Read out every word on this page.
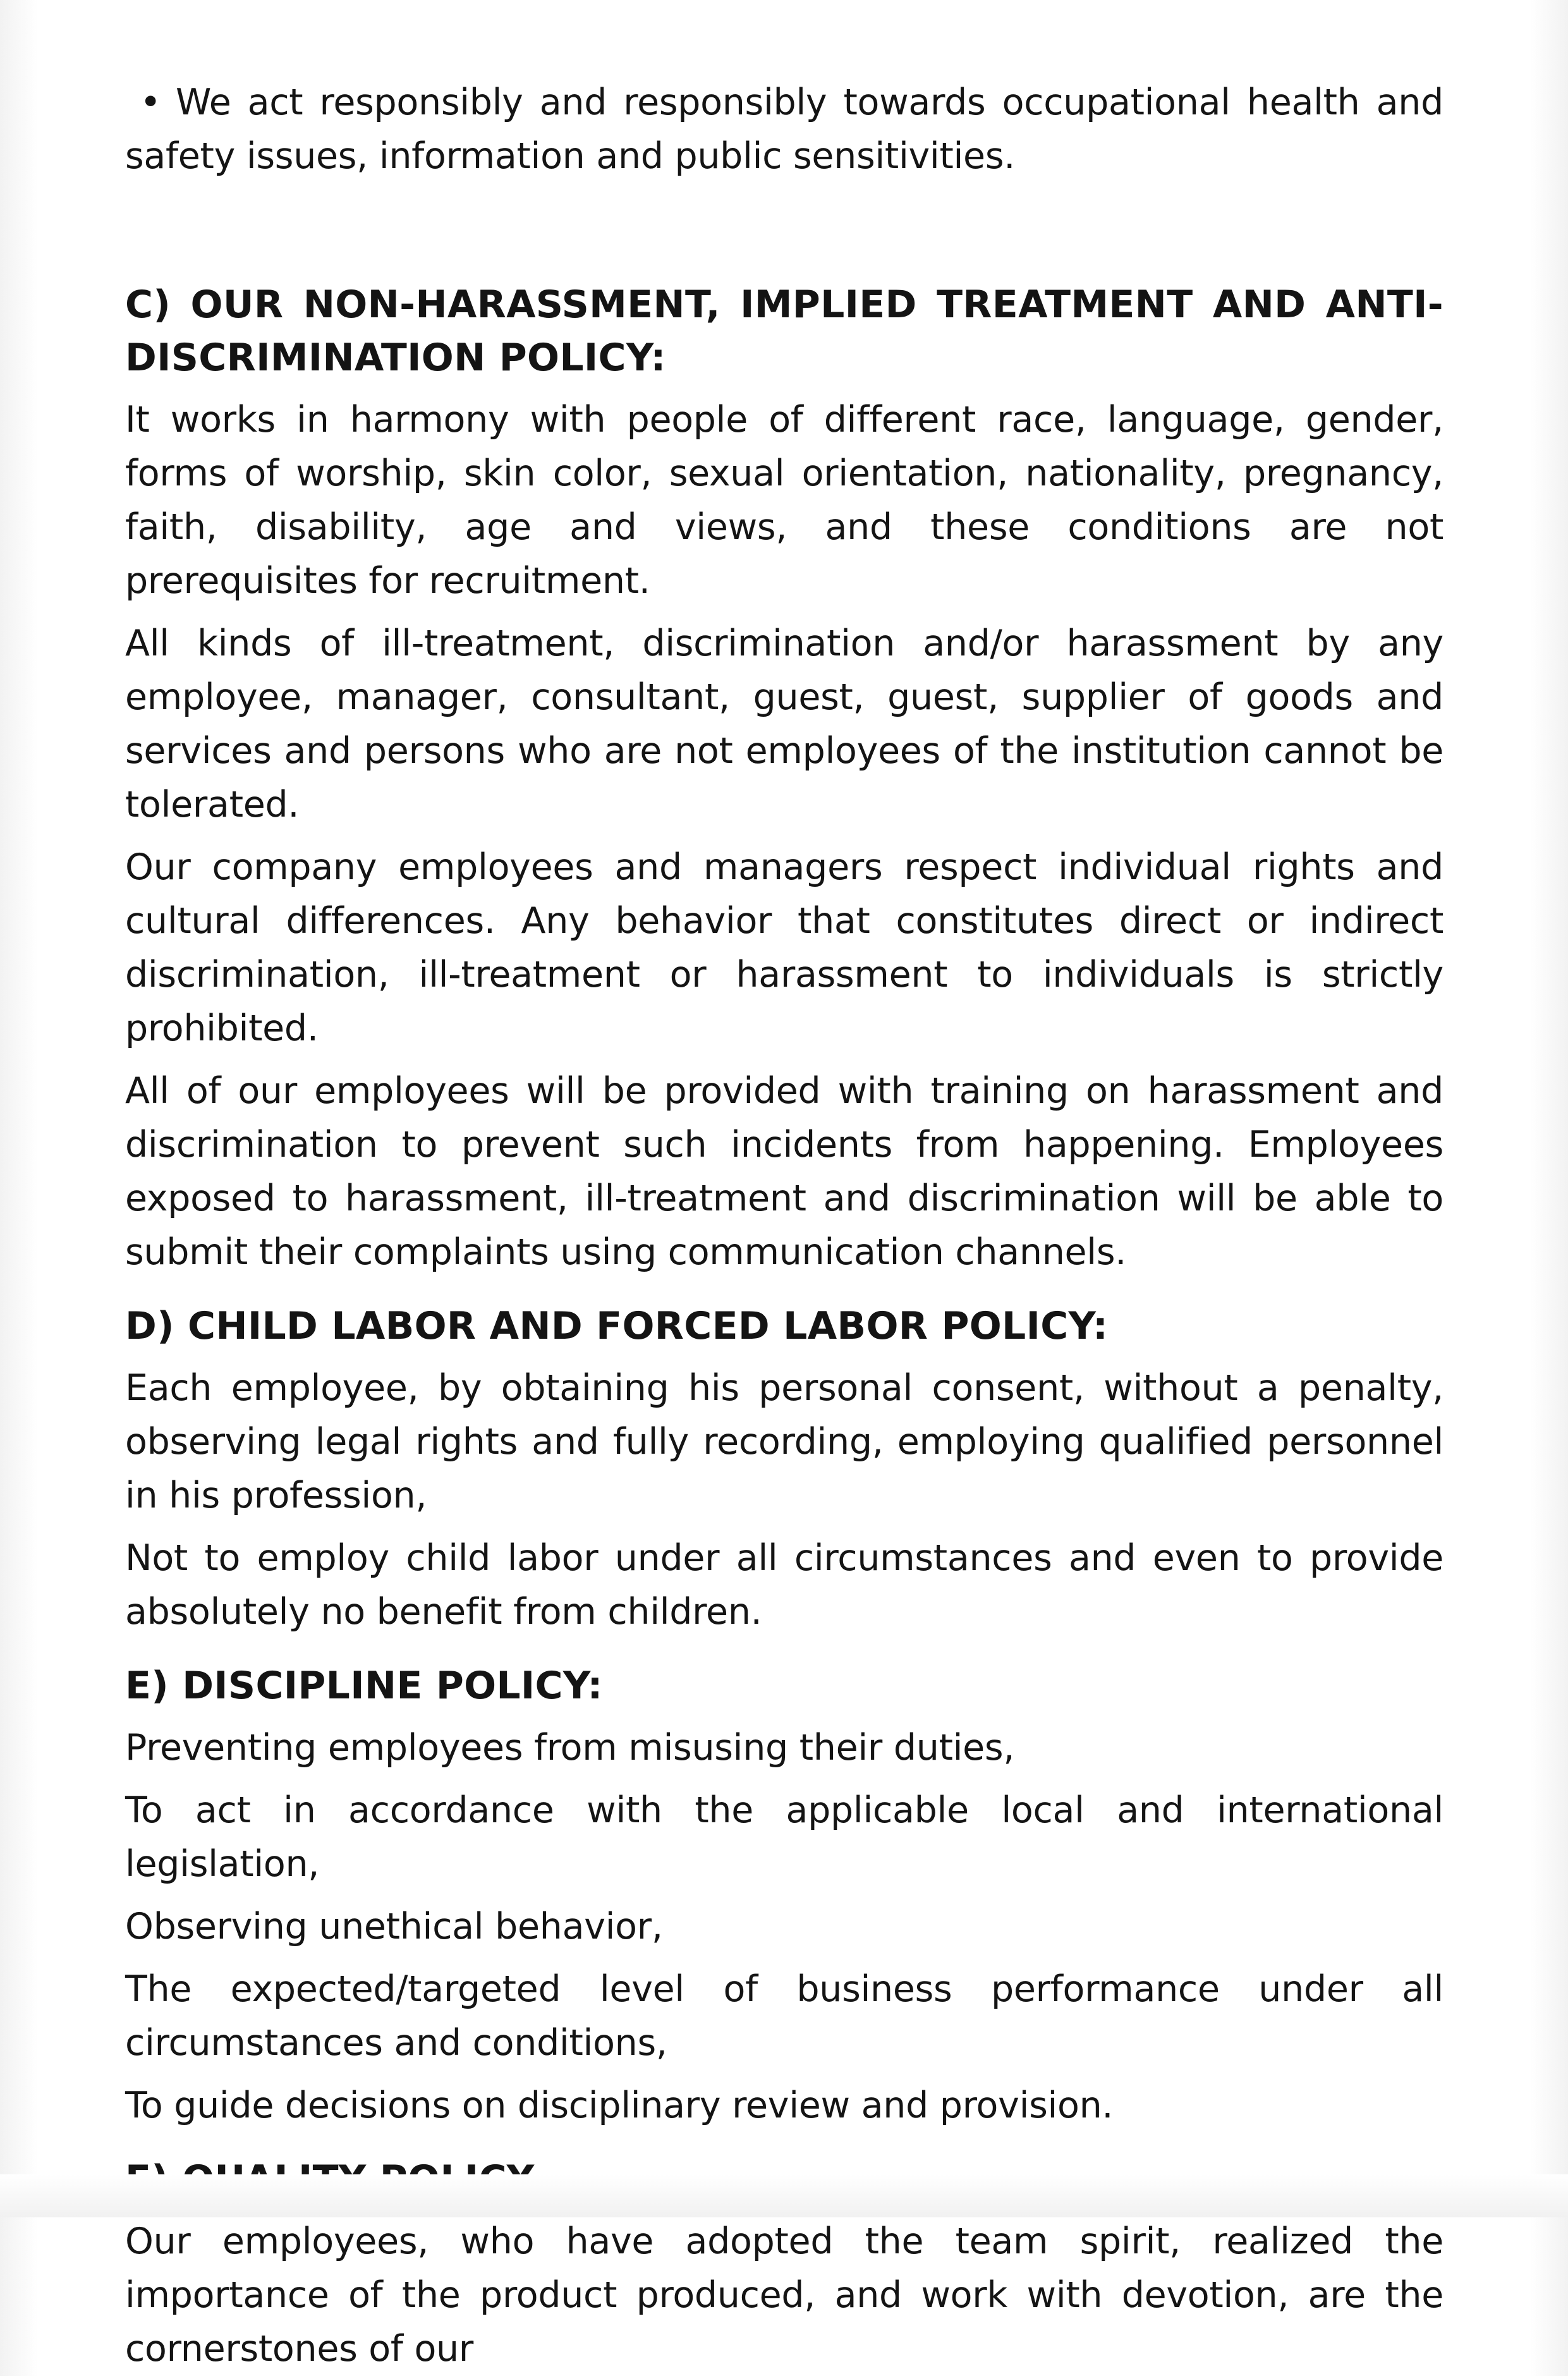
• We act responsibly and responsibly towards occupational health and safety issues, information and public sensitivities.

C) OUR NON-HARASSMENT, IMPLIED TREATMENT AND ANTI-DISCRIMINATION POLICY:

It works in harmony with people of different race, language, gender, forms of worship, skin color, sexual orientation, nationality, pregnancy, faith, disability, age and views, and these conditions are not prerequisites for recruitment.

All kinds of ill-treatment, discrimination and/or harassment by any employee, manager, consultant, guest, guest, supplier of goods and services and persons who are not employees of the institution cannot be tolerated.

Our company employees and managers respect individual rights and cultural differences. Any behavior that constitutes direct or indirect discrimination, ill-treatment or harassment to individuals is strictly prohibited.

All of our employees will be provided with training on harassment and discrimination to prevent such incidents from happening. Employees exposed to harassment, ill-treatment and discrimination will be able to submit their complaints using communication channels.

D) CHILD LABOR AND FORCED LABOR POLICY:

Each employee, by obtaining his personal consent, without a penalty, observing legal rights and fully recording, employing qualified personnel in his profession,

Not to employ child labor under all circumstances and even to provide absolutely no benefit from children.

E) DISCIPLINE POLICY:

Preventing employees from misusing their duties,

To act in accordance with the applicable local and international legislation,

Observing unethical behavior,

The expected/targeted level of business performance under all circumstances and conditions,

To guide decisions on disciplinary review and provision.

Our employees, who have adopted the team spirit, realized the importance of the product produced, and work with devotion, are the cornerstones of our
